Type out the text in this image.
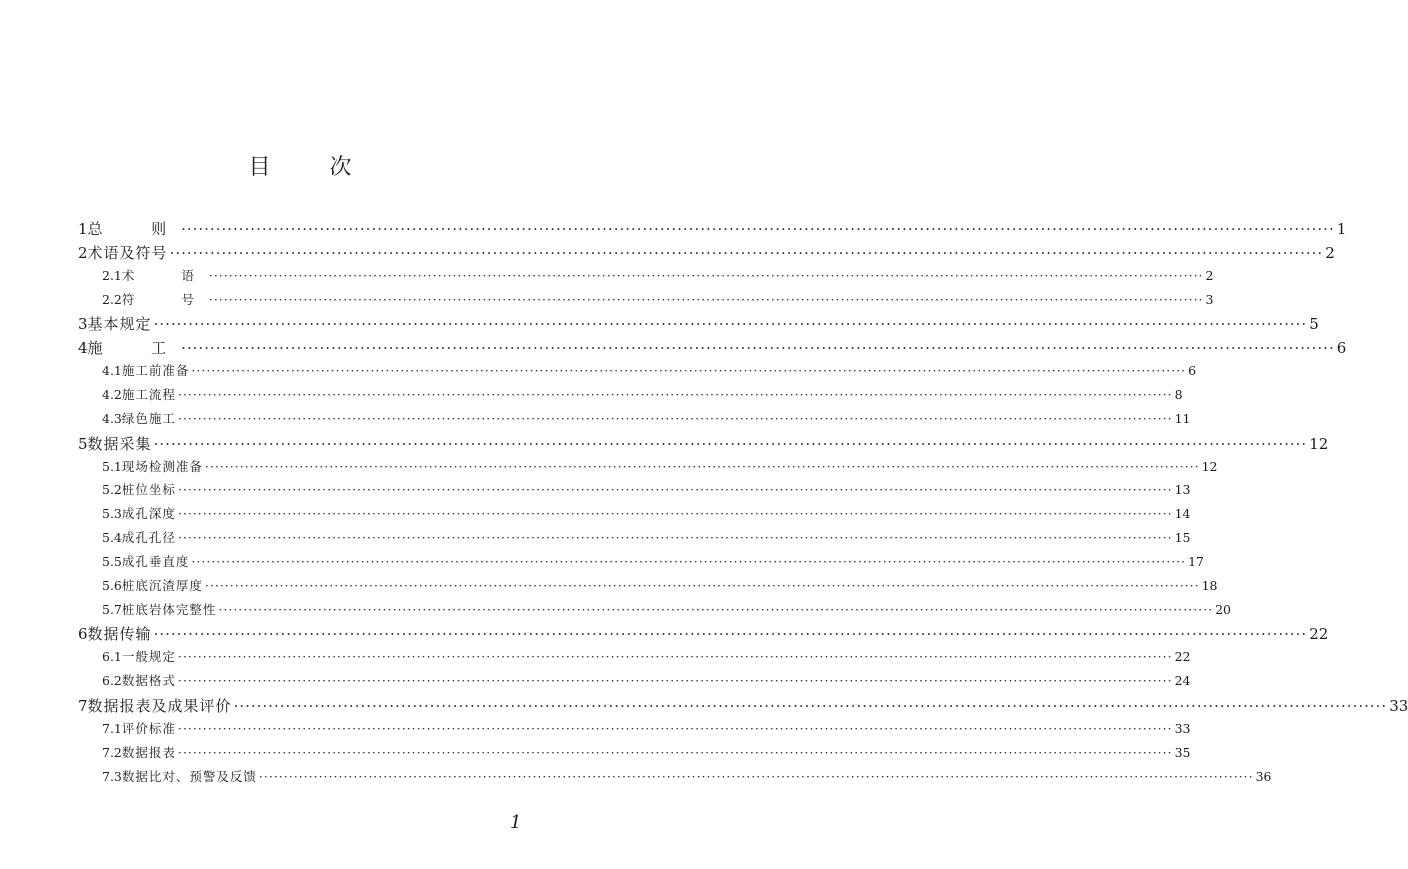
目 次
1 总  则 ········································································································································································································ 1
2 术语及符号 ········································································································································································································ 2
2.1 术  语 ········································································································································································································ 2
2.2 符  号 ········································································································································································································ 3
3 基本规定 ········································································································································································································ 5
4 施  工 ········································································································································································································ 6
4.1 施工前准备 ········································································································································································································ 6
4.2 施工流程 ········································································································································································································ 8
4.3 绿色施工 ········································································································································································································ 11
5 数据采集 ········································································································································································································ 12
5.1 现场检测准备 ········································································································································································································ 12
5.2 桩位坐标 ········································································································································································································ 13
5.3 成孔深度 ········································································································································································································ 14
5.4 成孔孔径 ········································································································································································································ 15
5.5 成孔垂直度 ········································································································································································································ 17
5.6 桩底沉渣厚度 ········································································································································································································ 18
5.7 桩底岩体完整性 ········································································································································································································ 20
6 数据传输 ········································································································································································································ 22
6.1 一般规定 ········································································································································································································ 22
6.2 数据格式 ········································································································································································································ 24
7 数据报表及成果评价 ········································································································································································································ 33
7.1 评价标准 ········································································································································································································ 33
7.2 数据报表 ········································································································································································································ 35
7.3 数据比对、预警及反馈 ········································································································································································································ 36
1
